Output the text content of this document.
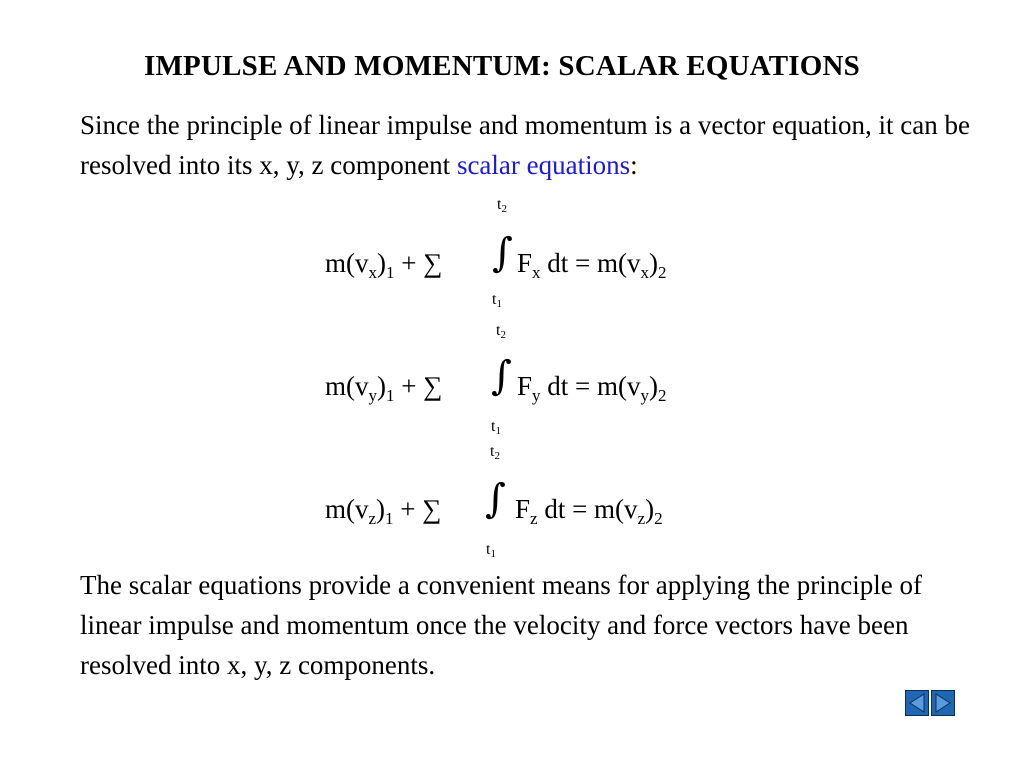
IMPULSE AND MOMENTUM: SCALAR EQUATIONS
Since the principle of linear impulse and momentum is a vector equation, it can be resolved into its x, y, z component scalar equations:
$t_2$
$m(v_x)_1$ + ∑ ∫ $F_x$ dt = $m(v_x)_2$
$t_1$
$t_2$
$m(v_y)_1$ + ∑ ∫ $F_y$ dt = $m(v_y)_2$
$t_1$
$t_2$
$m(v_z)_1$ + ∑ ∫ $F_z$ dt = $m(v_z)_2$
$t_1$
The scalar equations provide a convenient means for applying the principle of linear impulse and momentum once the velocity and force vectors have been resolved into x, y, z components.
